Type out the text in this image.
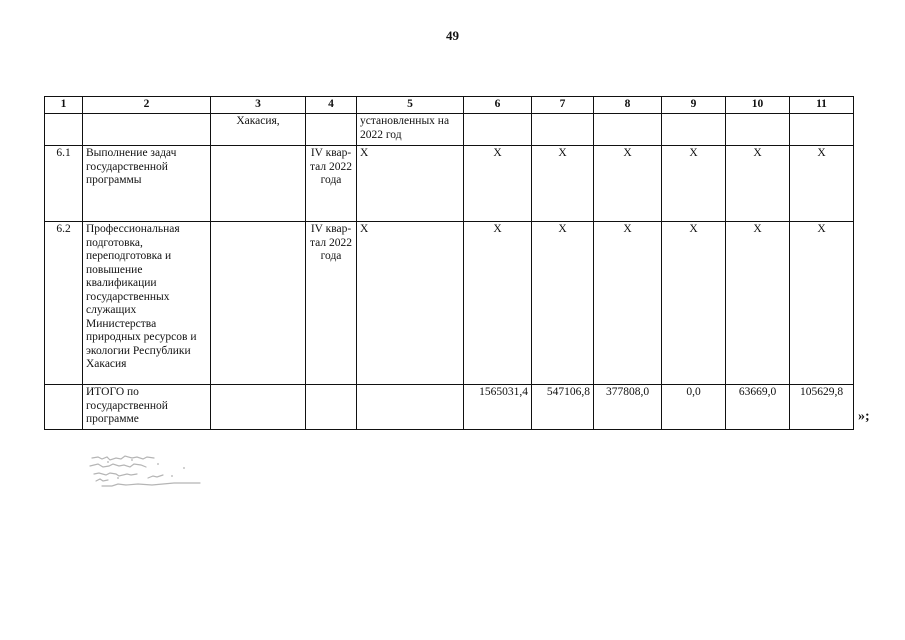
49
1	2	3	4	5	6	7	8	9	10	11
		Хакасия,		установленных на 2022 год						
6.1	Выполнение задач государственной программы		IV квар- тал 2022 года	Х	Х	Х	Х	Х	Х	Х
6.2	Профессиональная подготовка, переподготовка и повышение квалификации государственных служащих Министерства природных ресурсов и экологии Республики Хакасия		IV квар- тал 2022 года	Х	Х	Х	Х	Х	Х	Х
	ИТОГО по государственной программе				1565031,4	547106,8	377808,0	0,0	63669,0	105629,8
»;
